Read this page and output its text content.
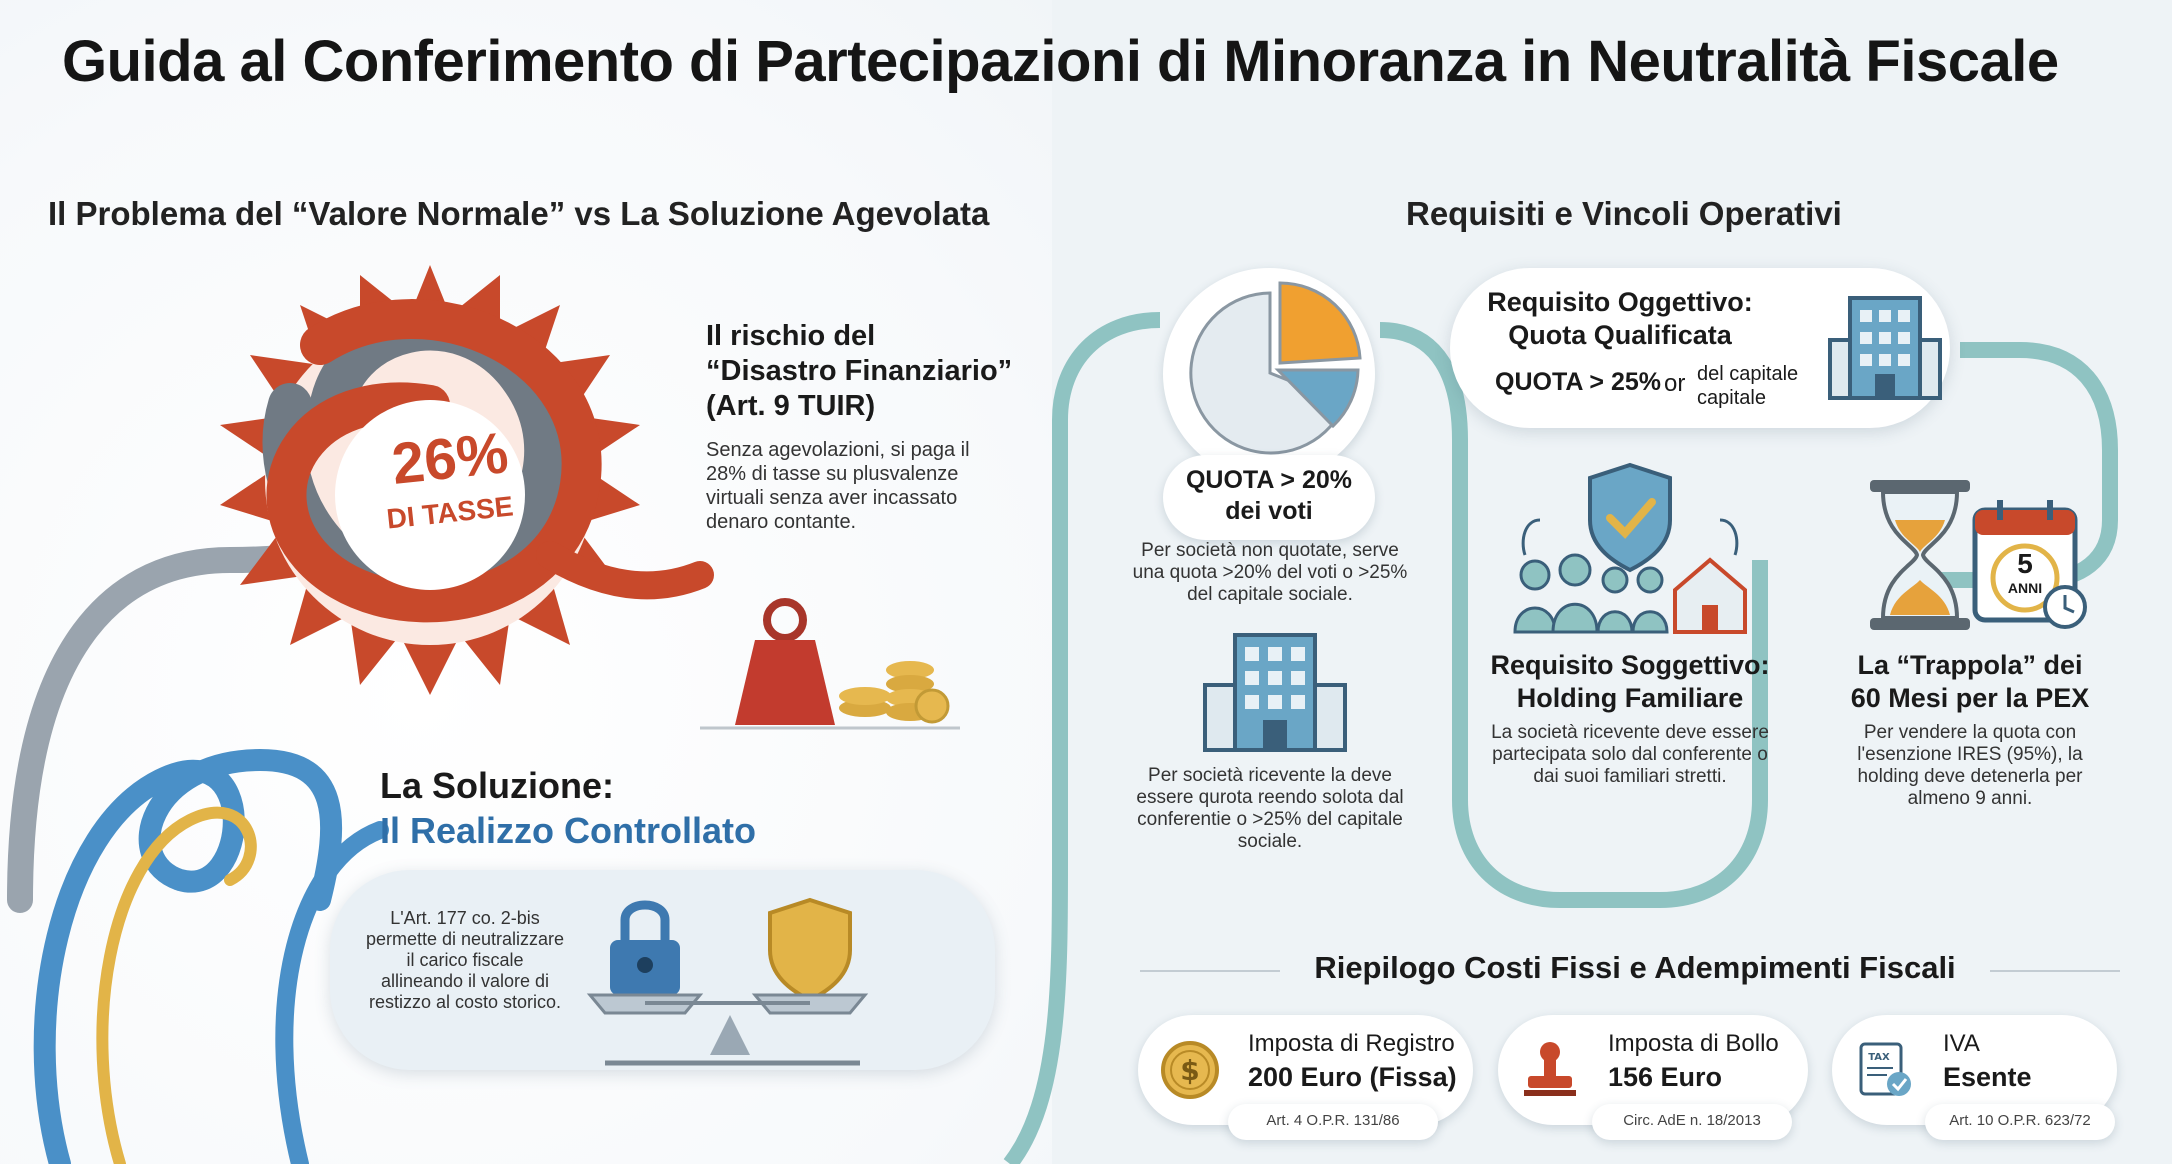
Guida al Conferimento di Partecipazioni di Minoranza in Neutralità Fiscale
Il Problema del “Valore Normale” vs La Soluzione Agevolata
26%
DI TASSE
Il rischio del
“Disastro Finanziario”
(Art. 9 TUIR)

Senza agevolazioni, si paga il 28% di tasse su plusvalenze virtuali senza aver incassato denaro contante.

La Soluzione:
Il Realizzo Controllato

L'Art. 177 co. 2-bis permette di neutralizzare il carico fiscale allineando il valore di restizzo al costo storico.

Requisiti e Vincoli Operativi
QUOTA > 20%
dei voti

Per società non quotate, serve una quota >20% del voti o >25% del capitale sociale.

Per società ricevente la deve essere qurota reendo solota dal conferentie o >25% del capitale sociale.

Requisito Oggettivo:
Quota Qualificata
QUOTA > 25% or del capitale
capitale
Requisito Soggettivo:
Holding Familiare

La società ricevente deve essere partecipata solo dal conferente o dai suoi familiari stretti.

5
ANNI
La “Trappola” dei
60 Mesi per la PEX

Per vendere la quota con l'esenzione IRES (95%), la holding deve detenerla per almeno 9 anni.

Riepilogo Costi Fissi e Adempimenti Fiscali
$
Imposta di Registro
200 Euro (Fissa)
Art. 4 O.P.R. 131/86
Imposta di Bollo
156 Euro
Circ. AdE n. 18/2013
TAX
IVA
Esente
Art. 10 O.P.R. 623/72
